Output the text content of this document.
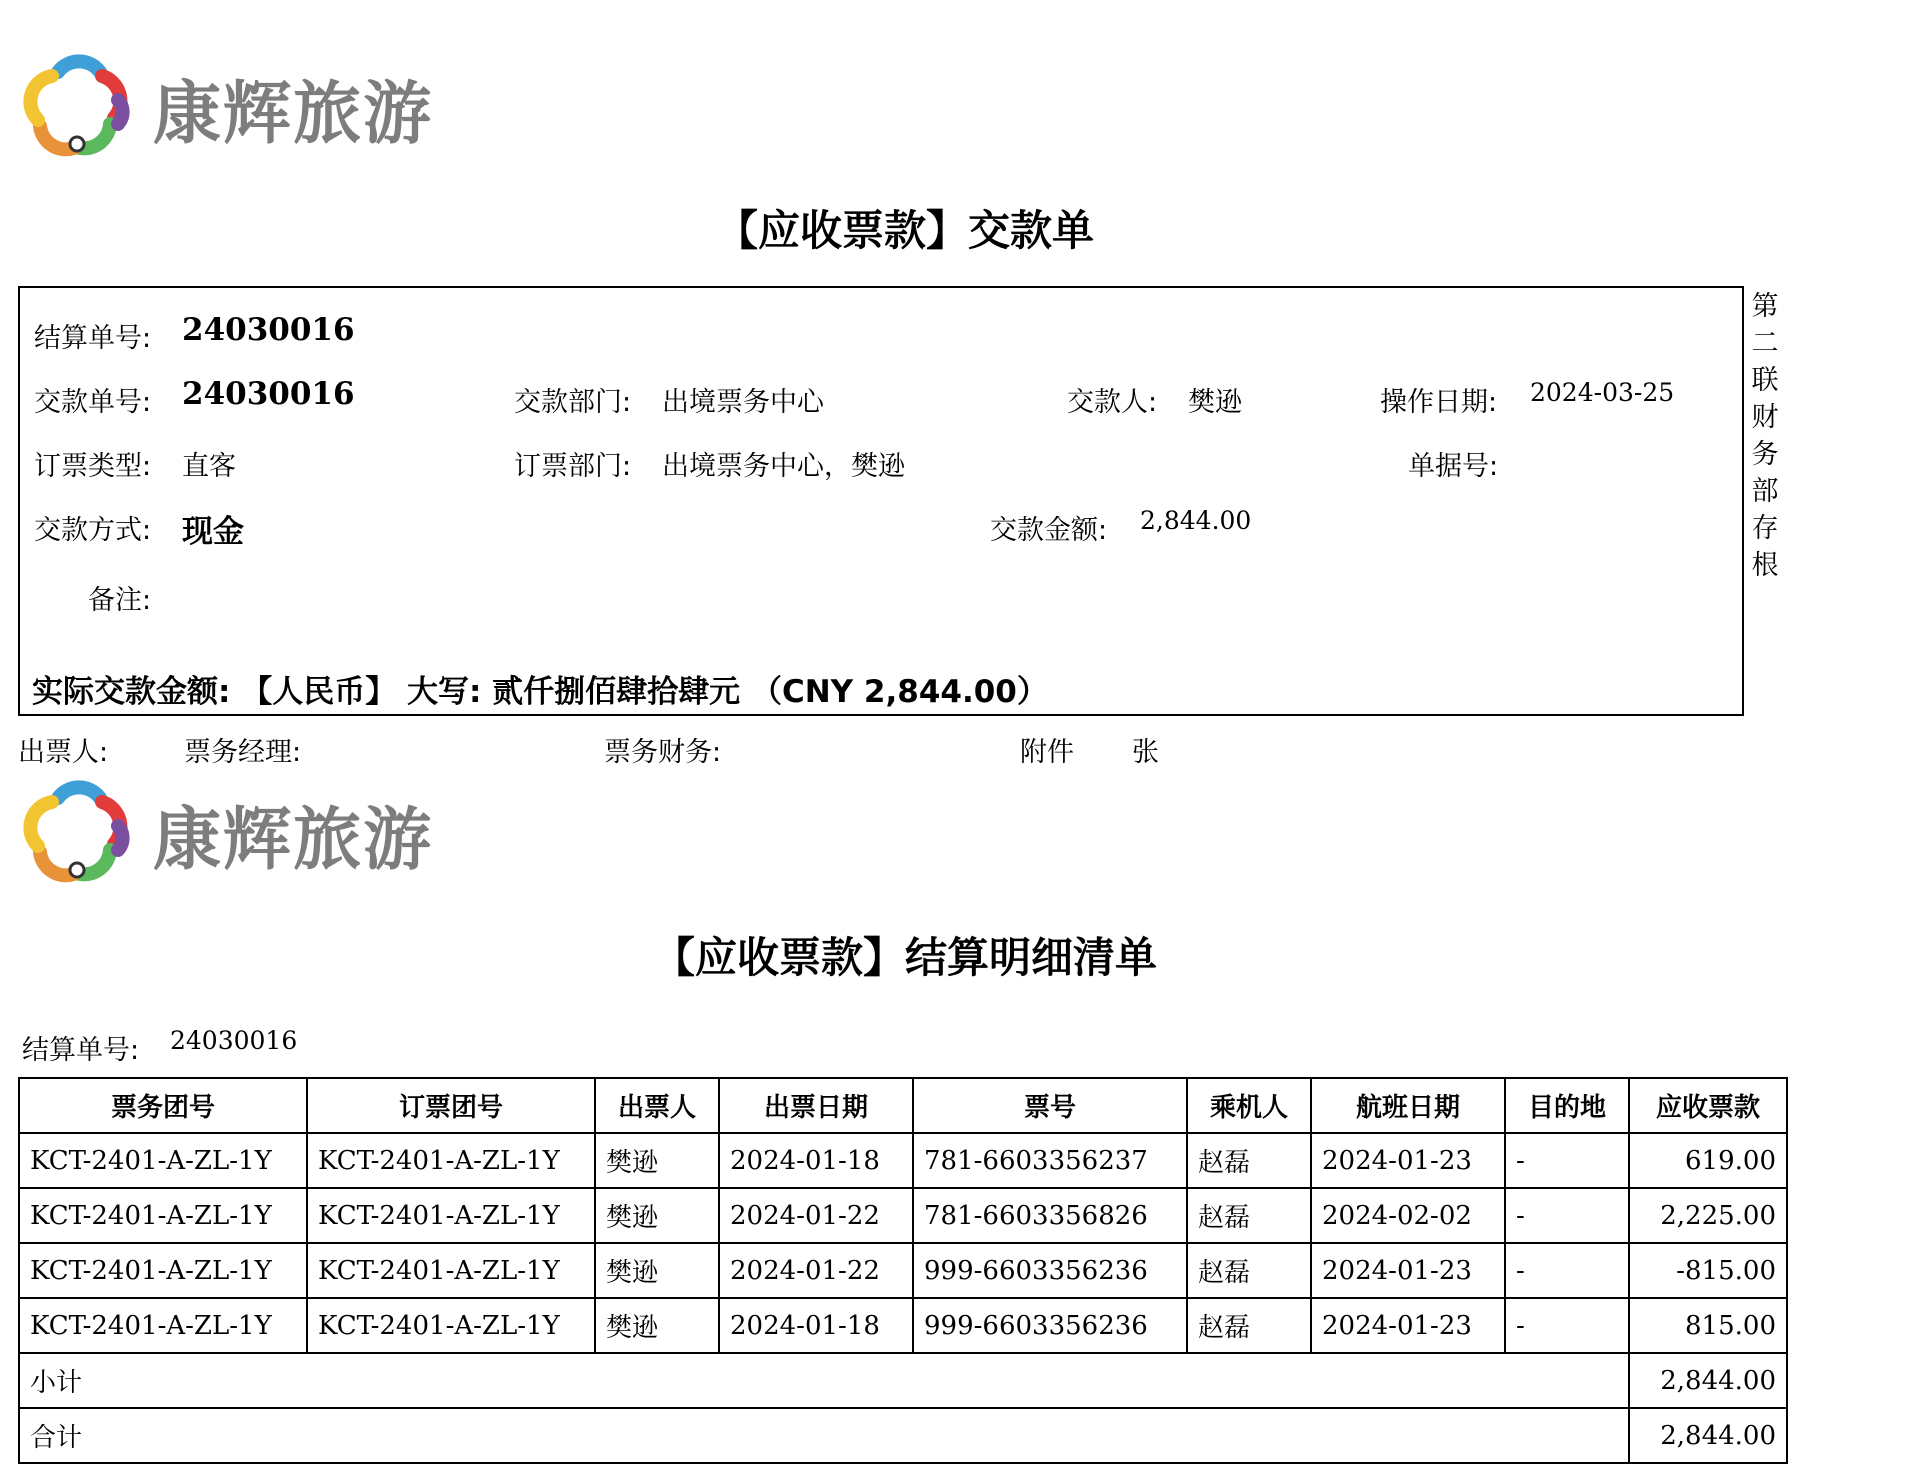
康辉旅游
【应收票款】交款单
结算单号: 24030016
交款单号: 24030016	交款部门: 出境票务中心	交款人: 樊逊	操作日期: 2024-03-25
订票类型: 直客	订票部门: 出境票务中心，樊逊	单据号:
交款方式: 现金	交款金额: 2,844.00
备注:
实际交款金额: 【人民币】 大写: 贰仟捌佰肆拾肆元 （CNY 2,844.00）
第二联财务部存根
出票人:	票务经理:	票务财务:	附件 张
康辉旅游
【应收票款】结算明细清单
结算单号: 24030016
票务团号	订票团号	出票人	出票日期	票号	乘机人	航班日期	目的地	应收票款
KCT-2401-A-ZL-1Y	KCT-2401-A-ZL-1Y	樊逊	2024-01-18	781-6603356237	赵磊	2024-01-23	-	619.00
KCT-2401-A-ZL-1Y	KCT-2401-A-ZL-1Y	樊逊	2024-01-22	781-6603356826	赵磊	2024-02-02	-	2,225.00
KCT-2401-A-ZL-1Y	KCT-2401-A-ZL-1Y	樊逊	2024-01-22	999-6603356236	赵磊	2024-01-23	-	-815.00
KCT-2401-A-ZL-1Y	KCT-2401-A-ZL-1Y	樊逊	2024-01-18	999-6603356236	赵磊	2024-01-23	-	815.00
小计								2,844.00
合计								2,844.00
